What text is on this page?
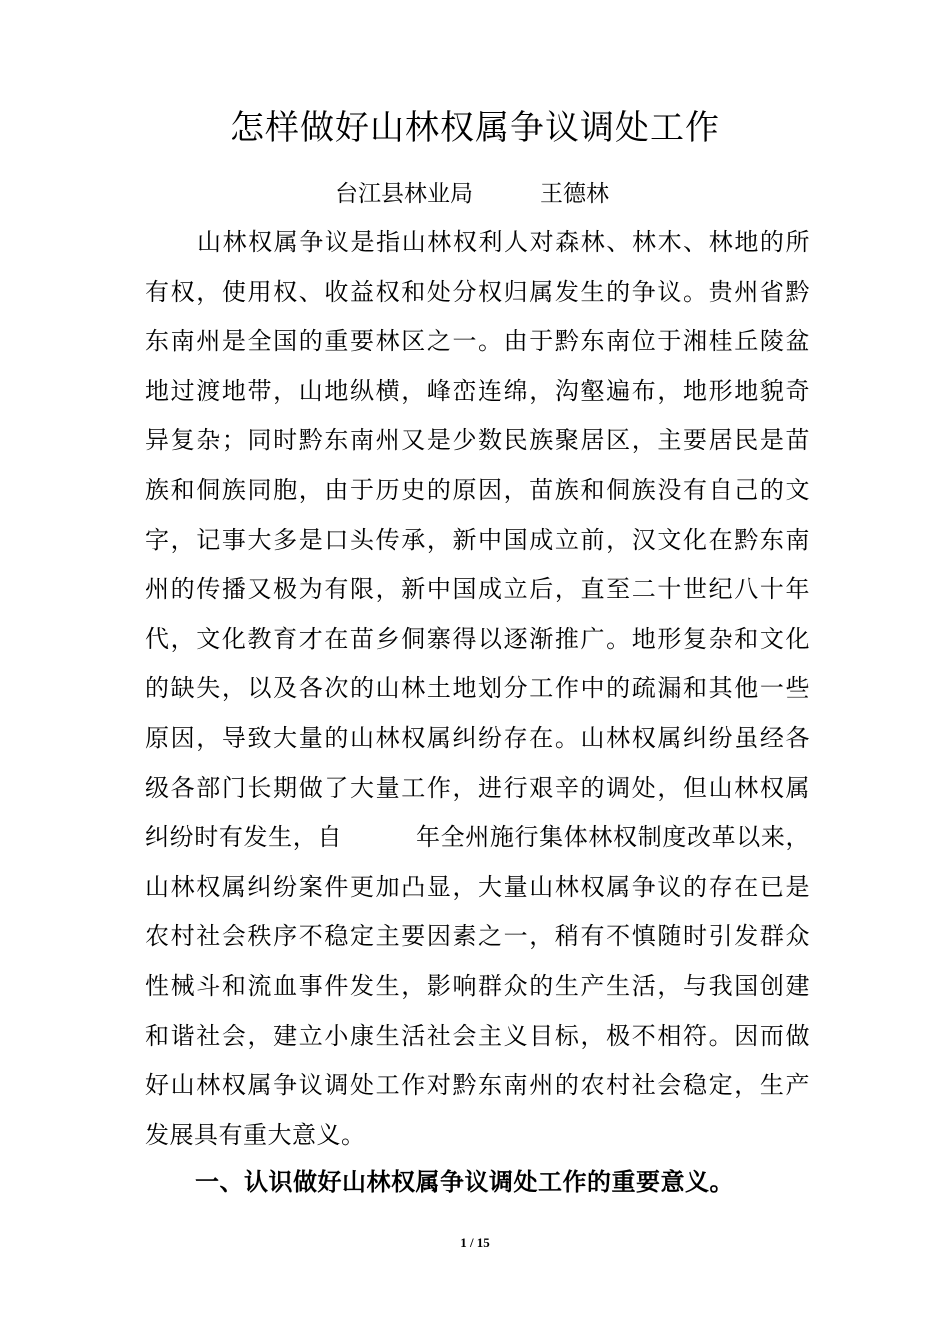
怎样做好山林权属争议调处工作
台江县林业局	王德林
山林权属争议是指山林权利人对森林、林木、林地的所
有权，使用权、收益权和处分权归属发生的争议。贵州省黔
东南州是全国的重要林区之一。由于黔东南位于湘桂丘陵盆
地过渡地带，山地纵横，峰峦连绵，沟壑遍布，地形地貌奇
异复杂；同时黔东南州又是少数民族聚居区，主要居民是苗
族和侗族同胞，由于历史的原因，苗族和侗族没有自己的文
字，记事大多是口头传承，新中国成立前，汉文化在黔东南
州的传播又极为有限，新中国成立后，直至二十世纪八十年
代，文化教育才在苗乡侗寨得以逐渐推广。地形复杂和文化
的缺失，以及各次的山林土地划分工作中的疏漏和其他一些
原因，导致大量的山林权属纠纷存在。山林权属纠纷虽经各
级各部门长期做了大量工作，进行艰辛的调处，但山林权属
纠纷时有发生，自　　　年全州施行集体林权制度改革以来，
山林权属纠纷案件更加凸显，大量山林权属争议的存在已是
农村社会秩序不稳定主要因素之一，稍有不慎随时引发群众
性械斗和流血事件发生，影响群众的生产生活，与我国创建
和谐社会，建立小康生活社会主义目标，极不相符。因而做
好山林权属争议调处工作对黔东南州的农村社会稳定，生产
发展具有重大意义。
一、认识做好山林权属争议调处工作的重要意义。
1 / 15
